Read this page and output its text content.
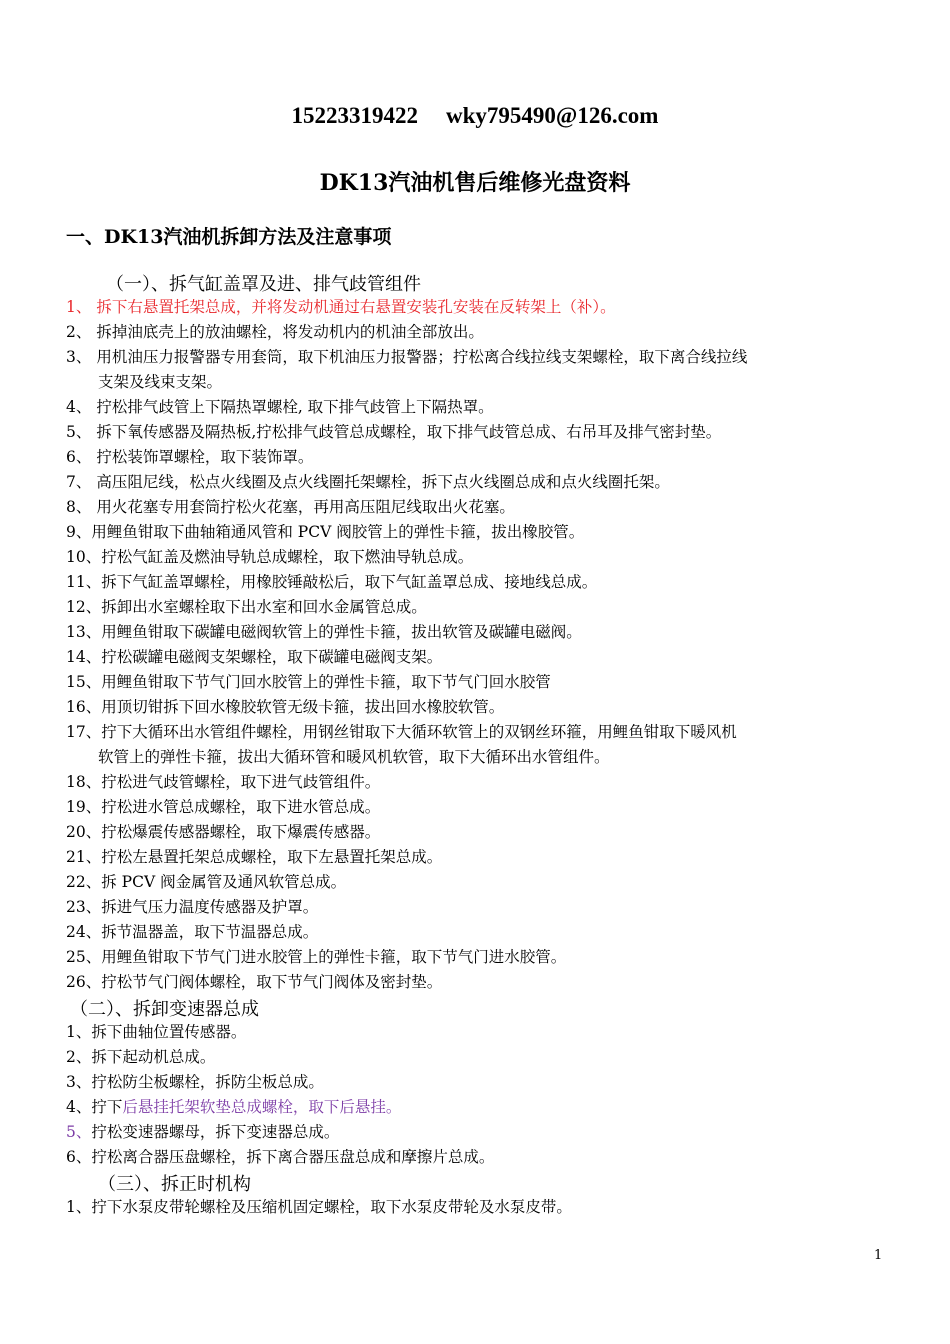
15223319422 wky795490@126.com
DK13汽油机售后维修光盘资料
一、DK13汽油机拆卸方法及注意事项
（一）、拆气缸盖罩及进、排气歧管组件
1、 拆下右悬置托架总成，并将发动机通过右悬置安装孔安装在反转架上（补）。
2、 拆掉油底壳上的放油螺栓，将发动机内的机油全部放出。
3、 用机油压力报警器专用套筒，取下机油压力报警器；拧松离合线拉线支架螺栓，取下离合线拉线
支架及线束支架。
4、 拧松排气歧管上下隔热罩螺栓, 取下排气歧管上下隔热罩。
5、 拆下氧传感器及隔热板,拧松排气歧管总成螺栓，取下排气歧管总成、右吊耳及排气密封垫。
6、 拧松装饰罩螺栓，取下装饰罩。
7、 高压阻尼线，松点火线圈及点火线圈托架螺栓，拆下点火线圈总成和点火线圈托架。
8、 用火花塞专用套筒拧松火花塞，再用高压阻尼线取出火花塞。
9、用鲤鱼钳取下曲轴箱通风管和 PCV 阀胶管上的弹性卡箍，拔出橡胶管。
10、拧松气缸盖及燃油导轨总成螺栓，取下燃油导轨总成。
11、拆下气缸盖罩螺栓，用橡胶锤敲松后，取下气缸盖罩总成、接地线总成。
12、拆卸出水室螺栓取下出水室和回水金属管总成。
13、用鲤鱼钳取下碳罐电磁阀软管上的弹性卡箍，拔出软管及碳罐电磁阀。
14、拧松碳罐电磁阀支架螺栓，取下碳罐电磁阀支架。
15、用鲤鱼钳取下节气门回水胶管上的弹性卡箍，取下节气门回水胶管
16、用顶切钳拆下回水橡胶软管无级卡箍，拔出回水橡胶软管。
17、拧下大循环出水管组件螺栓，用钢丝钳取下大循环软管上的双钢丝环箍，用鲤鱼钳取下暖风机
软管上的弹性卡箍，拔出大循环管和暖风机软管，取下大循环出水管组件。
18、拧松进气歧管螺栓，取下进气歧管组件。
19、拧松进水管总成螺栓，取下进水管总成。
20、拧松爆震传感器螺栓，取下爆震传感器。
21、拧松左悬置托架总成螺栓，取下左悬置托架总成。
22、拆 PCV 阀金属管及通风软管总成。
23、拆进气压力温度传感器及护罩。
24、拆节温器盖，取下节温器总成。
25、用鲤鱼钳取下节气门进水胶管上的弹性卡箍，取下节气门进水胶管。
26、拧松节气门阀体螺栓，取下节气门阀体及密封垫。
（二）、拆卸变速器总成
1、拆下曲轴位置传感器。
2、拆下起动机总成。
3、拧松防尘板螺栓，拆防尘板总成。
4、拧下后悬挂托架软垫总成螺栓，取下后悬挂。
5、拧松变速器螺母，拆下变速器总成。
6、拧松离合器压盘螺栓，拆下离合器压盘总成和摩擦片总成。
（三）、拆正时机构
1、拧下水泵皮带轮螺栓及压缩机固定螺栓，取下水泵皮带轮及水泵皮带。
1
